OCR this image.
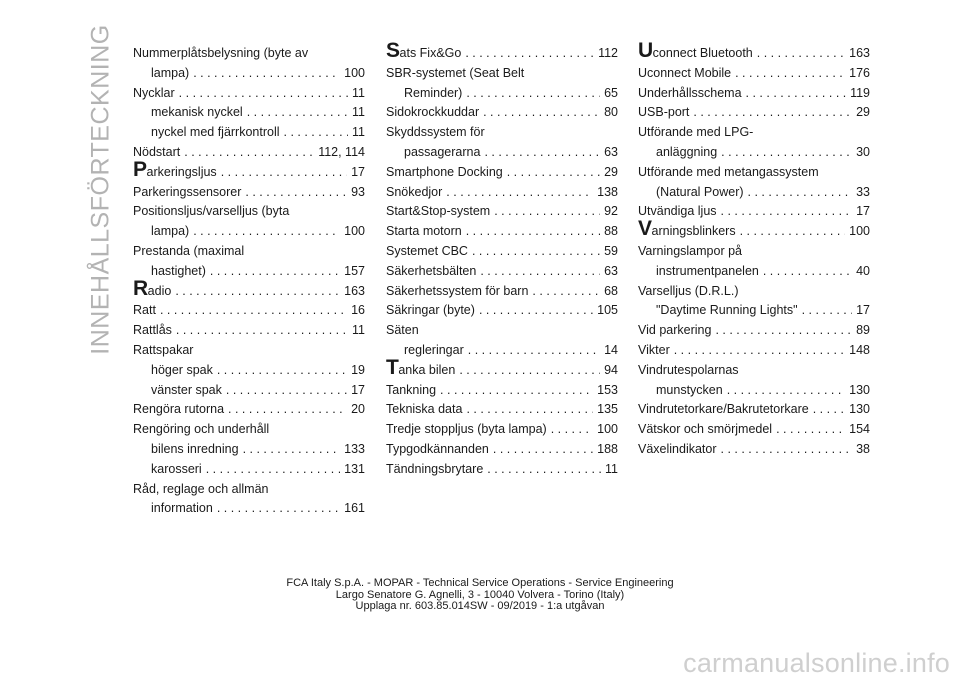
INNEHÅLLSFÖRTECKNING Nummerplåtsbelysning (byte av
lampa) . . .	100
Nycklar . . .	11
mekanisk nyckel . . .	11
nyckel med fjärrkontroll . . .	11
Nödstart . . .	112, 114
Parkeringsljus . . .	17
Parkeringssensorer . . .	93
Positionsljus/varselljus (byta
lampa) . . .	100
Prestanda (maximal
hastighet) . . .	157
Radio . . .	163
Ratt . . .	16
Rattlås . . .	11
Rattspakar
höger spak . . .	19
vänster spak . . .	17
Rengöra rutorna . . .	20
Rengöring och underhåll
bilens inredning . . .	133
karosseri . . .	131
Råd, reglage och allmän
information . . .	161
Sats Fix&Go . . .	112
SBR-systemet (Seat Belt
Reminder) . . .	65
Sidokrockkuddar . . .	80
Skyddssystem för
passagerarna . . .	63
Smartphone Docking . . .	29
Snökedjor . . .	138
Start&Stop-system . . .	92
Starta motorn . . .	88
Systemet CBC . . .	59
Säkerhetsbälten . . .	63
Säkerhetssystem för barn . . .	68
Säkringar (byte) . . .	105
Säten
regleringar . . .	14
Tanka bilen . . .	94
Tankning . . .	153
Tekniska data . . .	135
Tredje stoppljus (byta lampa) . . .	100
Typgodkännanden . . .	188
Tändningsbrytare . . .	11
Uconnect Bluetooth . . .	163
Uconnect Mobile . . .	176
Underhållsschema . . .	119
USB-port . . .	29
Utförande med LPG-
anläggning . . .	30
Utförande med metangassystem
(Natural Power) . . .	33
Utvändiga ljus . . .	17
Varningsblinkers . . .	100
Varningslampor på
instrumentpanelen . . .	40
Varselljus (D.R.L.)
"Daytime Running Lights" . . .	17
Vid parkering . . .	89
Vikter . . .	148
Vindrutespolarnas
munstycken . . .	130
Vindrutetorkare/Bakrutetorkare . . .	130
Vätskor och smörjmedel . . .	154
Växelindikator . . .	38
FCA Italy S.p.A. - MOPAR - Technical Service Operations - Service Engineering
Largo Senatore G. Agnelli, 3 - 10040 Volvera - Torino (Italy)
Upplaga nr. 603.85.014SW - 09/2019 - 1:a utgåvan
carmanualsonline.info
